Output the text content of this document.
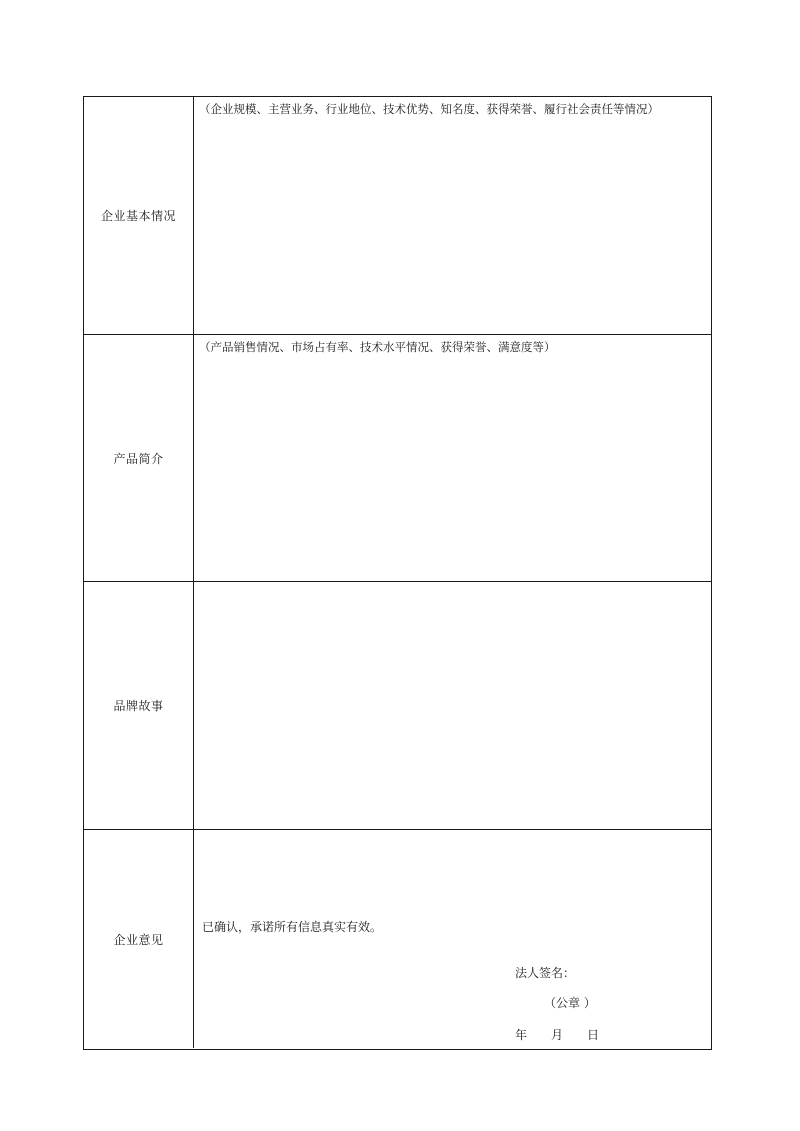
企业基本情况
（企业规模、主营业务、行业地位、技术优势、知名度、获得荣誉、履行社会责任等情况）
产品简介
（产品销售情况、市场占有率、技术水平情况、获得荣誉、满意度等）
品牌故事
企业意见
已确认，承诺所有信息真实有效。
法人签名：
（公章 ）
年 月 日
